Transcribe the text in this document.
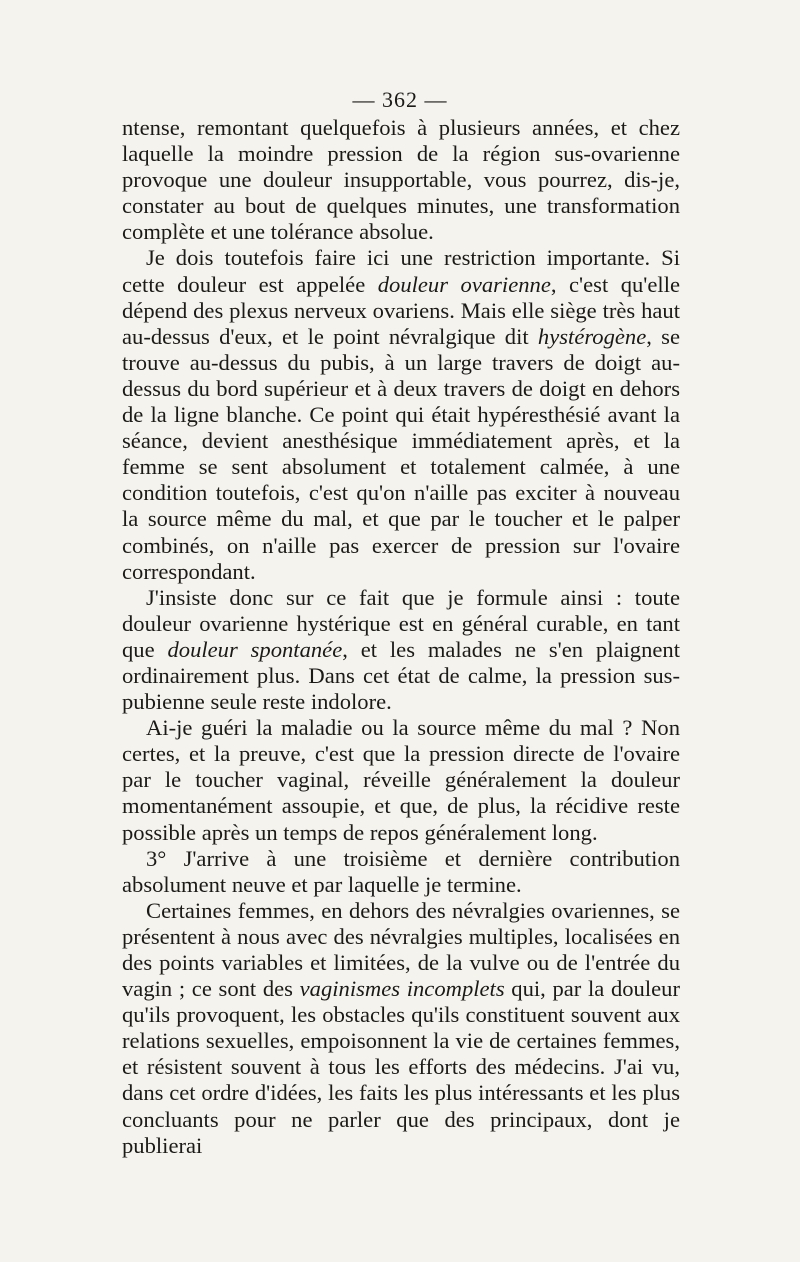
— 362 —

ntense, remontant quelquefois à plusieurs années, et chez laquelle la moindre pression de la région sus-ovarienne provoque une douleur insupportable, vous pourrez, dis-je, constater au bout de quelques minutes, une transformation complète et une tolérance absolue.

Je dois toutefois faire ici une restriction importante. Si cette douleur est appelée douleur ovarienne, c'est qu'elle dépend des plexus nerveux ovariens. Mais elle siège très haut au-dessus d'eux, et le point névralgique dit hystérogène, se trouve au-dessus du pubis, à un large travers de doigt au-dessus du bord supérieur et à deux travers de doigt en dehors de la ligne blanche. Ce point qui était hypéresthésié avant la séance, devient anesthésique immédiatement après, et la femme se sent absolument et totalement calmée, à une condition toutefois, c'est qu'on n'aille pas exciter à nouveau la source même du mal, et que par le toucher et le palper combinés, on n'aille pas exercer de pression sur l'ovaire correspondant.

J'insiste donc sur ce fait que je formule ainsi : toute douleur ovarienne hystérique est en général curable, en tant que douleur spontanée, et les malades ne s'en plaignent ordinairement plus. Dans cet état de calme, la pression sus-pubienne seule reste indolore.

Ai-je guéri la maladie ou la source même du mal ? Non certes, et la preuve, c'est que la pression directe de l'ovaire par le toucher vaginal, réveille généralement la douleur momentanément assoupie, et que, de plus, la récidive reste possible après un temps de repos généralement long.

3° J'arrive à une troisième et dernière contribution absolument neuve et par laquelle je termine.

Certaines femmes, en dehors des névralgies ovariennes, se présentent à nous avec des névralgies multiples, localisées en des points variables et limitées, de la vulve ou de l'entrée du vagin ; ce sont des vaginismes incomplets qui, par la douleur qu'ils provoquent, les obstacles qu'ils constituent souvent aux relations sexuelles, empoisonnent la vie de certaines femmes, et résistent souvent à tous les efforts des médecins. J'ai vu, dans cet ordre d'idées, les faits les plus intéressants et les plus concluants pour ne parler que des principaux, dont je publierai
